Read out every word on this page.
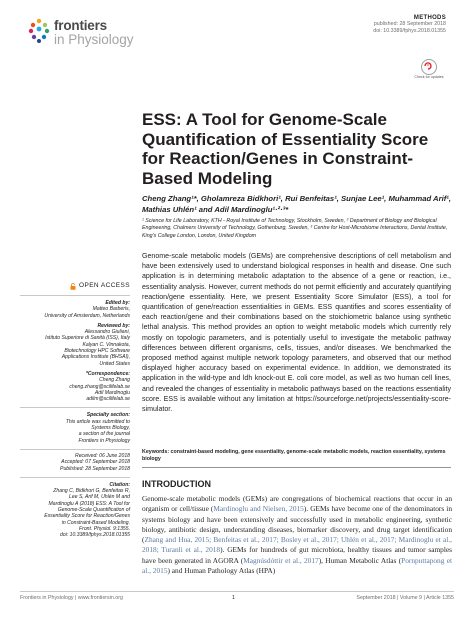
frontiers
in Physiology
METHODS
published: 28 September 2018
doi: 10.3389/fphys.2018.01355
Check for updates
ESS: A Tool for Genome-Scale Quantification of Essentiality Score for Reaction/Genes in Constraint-Based Modeling
Cheng Zhang¹*, Gholamreza Bidkhori¹, Rui Benfeitas¹, Sunjae Lee¹, Muhammad Arif¹, Mathias Uhlén¹ and Adil Mardinoglu¹·²·³*
¹ Science for Life Laboratory, KTH - Royal Institute of Technology, Stockholm, Sweden, ² Department of Biology and Biological Engineering, Chalmers University of Technology, Gothenburg, Sweden, ³ Centre for Host-Microbiome Interactions, Dental Institute, King's College London, London, United Kingdom
OPEN ACCESS
Edited by:
Matteo Barberis,
University of Amsterdam, Netherlands
Reviewed by:
Alessandro Giuliani,
Istituto Superiore di Sanità (ISS), Italy
Kalyan C. Vinnakota,
Biotechnology HPC Software
Applications Institute (BHSAI),
United States
*Correspondence:
Cheng Zhang
cheng.zhang@scilifelab.se
Adil Mardinoglu
adilm@scilifelab.se
Specialty section:
This article was submitted to
Systems Biology,
a section of the journal
Frontiers in Physiology
Received: 06 June 2018
Accepted: 07 September 2018
Published: 28 September 2018
Citation:
Zhang C, Bidkhori G, Benfeitas R,
Lee S, Arif M, Uhlén M and
Mardinoglu A (2018) ESS: A Tool for
Genome-Scale Quantification of
Essentiality Score for Reaction/Genes
in Constraint-Based Modeling.
Front. Physiol. 9:1355.
doi: 10.3389/fphys.2018.01355
Genome-scale metabolic models (GEMs) are comprehensive descriptions of cell metabolism and have been extensively used to understand biological responses in health and disease. One such application is in determining metabolic adaptation to the absence of a gene or reaction, i.e., essentiality analysis. However, current methods do not permit efficiently and accurately quantifying reaction/gene essentiality. Here, we present Essentiality Score Simulator (ESS), a tool for quantification of gene/reaction essentialities in GEMs. ESS quantifies and scores essentiality of each reaction/gene and their combinations based on the stoichiometric balance using synthetic lethal analysis. This method provides an option to weight metabolic models which currently rely mostly on topologic parameters, and is potentially useful to investigate the metabolic pathway differences between different organisms, cells, tissues, and/or diseases. We benchmarked the proposed method against multiple network topology parameters, and observed that our method displayed higher accuracy based on experimental evidence. In addition, we demonstrated its application in the wild-type and ldh knock-out E. coli core model, as well as two human cell lines, and revealed the changes of essentiality in metabolic pathways based on the reactions essentiality score. ESS is available without any limitation at https://sourceforge.net/projects/essentiality-score-simulator.
Keywords: constraint-based modeling, gene essentiality, genome-scale metabolic models, reaction essentiality, systems biology
INTRODUCTION
Genome-scale metabolic models (GEMs) are congregations of biochemical reactions that occur in an organism or cell/tissue (Mardinoglu and Nielsen, 2015). GEMs have become one of the denominators in systems biology and have been extensively and successfully used in metabolic engineering, synthetic biology, antibiotic design, understanding diseases, biomarker discovery, and drug target identification (Zhang and Hua, 2015; Benfeitas et al., 2017; Bosley et al., 2017; Uhlén et al., 2017; Mardinoglu et al., 2018; Turanli et al., 2018). GEMs for hundreds of gut microbiota, healthy tissues and tumor samples have been generated in AGORA (Magnúsdóttir et al., 2017), Human Metabolic Atlas (Pornputtapong et al., 2015) and Human Pathology Atlas (HPA)
Frontiers in Physiology | www.frontiersin.org	1	September 2018 | Volume 9 | Article 1355
